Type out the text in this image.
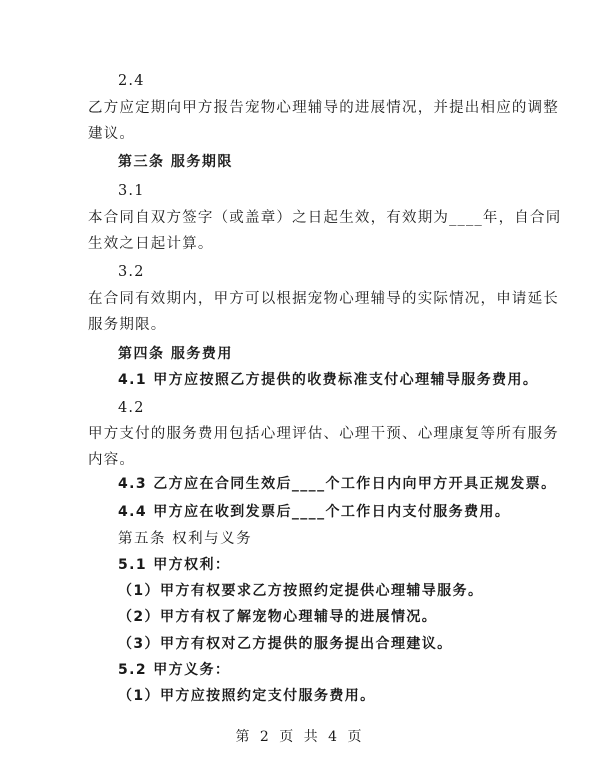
2.4
乙方应定期向甲方报告宠物心理辅导的进展情况，并提出相应的调整
建议。
第三条 服务期限
3.1
本合同自双方签字（或盖章）之日起生效，有效期为____年，自合同
生效之日起计算。
3.2
在合同有效期内，甲方可以根据宠物心理辅导的实际情况，申请延长
服务期限。
第四条 服务费用
4.1 甲方应按照乙方提供的收费标准支付心理辅导服务费用。
4.2
甲方支付的服务费用包括心理评估、心理干预、心理康复等所有服务
内容。
4.3 乙方应在合同生效后____个工作日内向甲方开具正规发票。
4.4 甲方应在收到发票后____个工作日内支付服务费用。
第五条 权利与义务
5.1 甲方权利：
（1）甲方有权要求乙方按照约定提供心理辅导服务。
（2）甲方有权了解宠物心理辅导的进展情况。
（3）甲方有权对乙方提供的服务提出合理建议。
5.2 甲方义务：
（1）甲方应按照约定支付服务费用。
第 2 页 共 4 页
